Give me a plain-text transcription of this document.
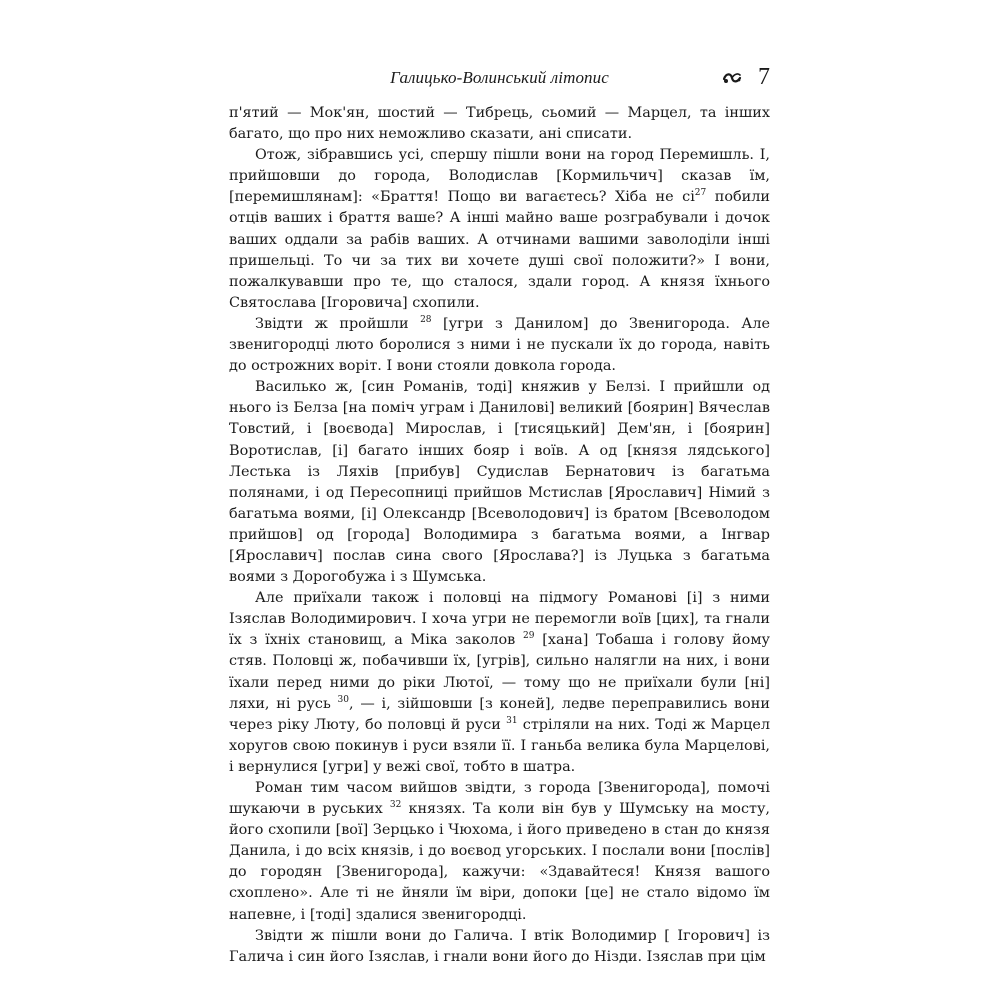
Галицько-Волинський літопис	7

п'ятий — Мок'ян, шостий — Тибрець, сьомий — Марцел, та інших багато, що про них неможливо сказати, ані списати.

Отож, зібравшись усі, спершу пішли вони на город Перемишль. І, прийшовши до города, Володислав [Кормильчич] сказав їм, [перемишлянам]: «Браття! Пощо ви вагаєтесь? Хіба не $сі^{27}$ побили отців ваших і браття ваше? А інші майно ваше розграбували і дочок ваших оддали за рабів ваших. А отчинами вашими заволоділи інші пришельці. То чи за тих ви хочете душі свої положити?» І вони, пожалкувавши про те, що сталося, здали город. А князя їхнього Святослава [Ігоровича] схопили.

Звідти ж пройшли $^{28}$ [угри з Данилом] до Звенигорода. Але звенигородці люто боролися з ними і не пускали їх до города, навіть до острожних воріт. І вони стояли довкола города.

Василько ж, [син Романів, тоді] княжив у Белзі. І прийшли од нього із Белза [на поміч уграм і Данилові] великий [боярин] Вячеслав Товстий, і [воєвода] Мирослав, і [тисяцький] Дем'ян, і [боярин] Воротислав, [і] багато інших бояр і воїв. А од [князя лядського] Лестька із Ляхів [прибув] Судислав Бернатович із багатьма полянами, і од Пересопниці прийшов Мстислав [Ярославич] Німий з багатьма воями, [і] Олександр [Всеволодович] із братом [Всеволодом прийшов] од [города] Володимира з багатьма воями, а Інгвар [Ярославич] послав сина свого [Ярослава?] із Луцька з багатьма воями з Дорогобужа і з Шумська.

Але приїхали також і половці на підмогу Романові [і] з ними Ізяслав Володимирович. І хоча угри не перемогли воїв [цих], та гнали їх з їхніх становищ, а Міка заколов $^{29}$ [хана] Тобаша і голову йому стяв. Половці ж, побачивши їх, [угрів], сильно налягли на них, і вони їхали перед ними до ріки Лютої, — тому що не приїхали були [ні] ляхи, ні русь $^{30}$, — і, зійшовши [з коней], ледве переправились вони через ріку Люту, бо половці й руси $^{31}$ стріляли на них. Тоді ж Марцел хоругов свою покинув і руси взяли її. І ганьба велика була Марцелові, і вернулися [угри] у вежі свої, тобто в шатра.

Роман тим часом вийшов звідти, з города [Звенигорода], помочі шукаючи в руських $^{32}$ князях. Та коли він був у Шумську на мосту, його схопили [вої] Зерцько і Чюхома, і його приведено в стан до князя Данила, і до всіх князів, і до воєвод угорських. І послали вони [послів] до городян [Звенигорода], кажучи: «Здавайтеся! Князя вашого схоплено». Але ті не йняли їм віри, допоки [це] не стало відомо їм напевне, і [тоді] здалися звенигородці.

Звідти ж пішли вони до Галича. І втік Володимир [ Ігорович] із Галича і син його Ізяслав, і гнали вони його до Нізди. Ізяслав при цім
